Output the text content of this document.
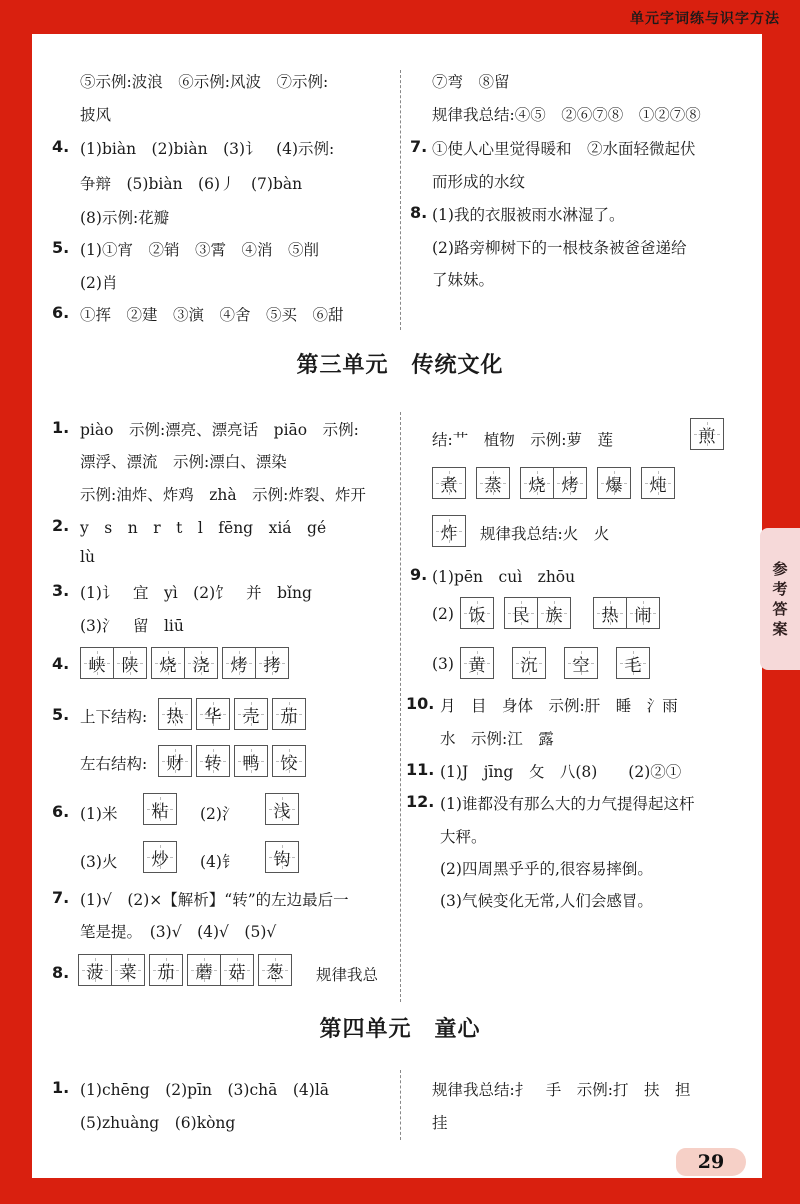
单元字词练与识字方法
参
考
答
案
29
⑤示例:波浪　⑥示例:风波　⑦示例:
披风
4. (1)biàn　(2)biàn　(3)讠　(4)示例:
争辩　(5)biàn　(6)丿　(7)bàn
(8)示例:花瓣
5. (1)①宵　②销　③霄　④消　⑤削
(2)肖
6. ①挥　②建　③演　④舍　⑤买　⑥甜
⑦弯　⑧留
规律我总结:④⑤　②⑥⑦⑧　①②⑦⑧
7. ①使人心里觉得暖和　②水面轻微起伏
而形成的水纹
8. (1)我的衣服被雨水淋湿了。
(2)路旁柳树下的一根枝条被爸爸递给
了妹妹。
第三单元　传统文化
1. piào　示例:漂亮、漂亮话　piāo　示例:
漂浮、漂流　示例:漂白、漂染
示例:油炸、炸鸡　zhà　示例:炸裂、炸开
2. y　s　n　r　t　l　fēng　xiá　gé
lù
3. (1)讠　宜　yì　(2)饣　并　bǐng
(3)氵　留　liū
4. 峡 陕 烧 浇 烤 拷
5. 上下结构: 热 华 壳 茄
左右结构: 财 转 鸭 饺
6. (1)米 粘 (2)氵 浅
(3)火 炒 (4)钅 钩
7. (1)√　(2)×【解析】“转”的左边最后一
笔是提。　(3)√　(4)√　(5)√
8. 菠 菜 茄 蘑 菇 葱 规律我总
结:艹　植物　示例:萝　莲	煎
煮 蒸 烧 烤 爆 炖
炸 规律我总结:火　火
9. (1)pēn　cuì　zhōu
(2) 饭 民 族 热 闹
(3) 黄 沉 空 毛
10. 月　目　身体　示例:肝　睡　氵雨
水　示例:江　露
11. (1)J　jīng　攵　八(8)　　(2)②①
12. (1)谁都没有那么大的力气提得起这杆
大秤。
(2)四周黑乎乎的,很容易摔倒。
(3)气候变化无常,人们会感冒。
第四单元　童心
1. (1)chēng　(2)pīn　(3)chā　(4)lā
(5)zhuàng　(6)kòng
规律我总结:扌　手　示例:打　扶　担
挂
